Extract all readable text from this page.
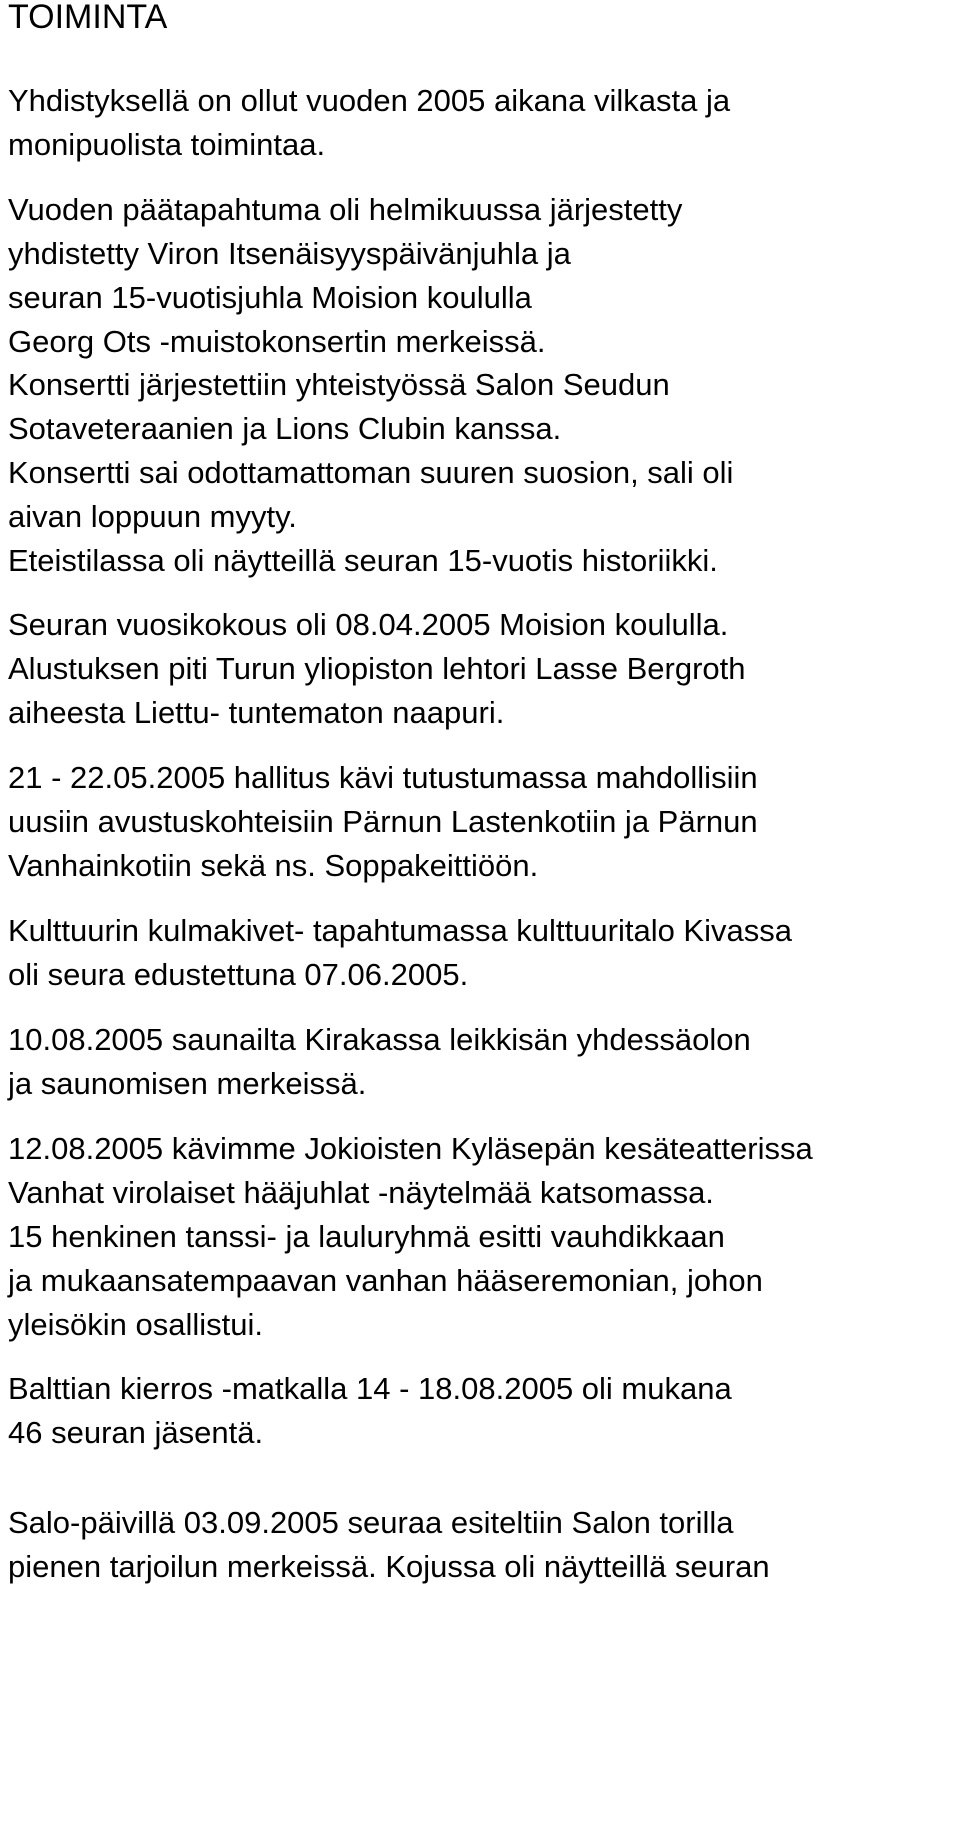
TOIMINTA
Yhdistyksellä on ollut vuoden 2005 aikana vilkasta ja
monipuolista toimintaa.
Vuoden päätapahtuma oli helmikuussa järjestetty
yhdistetty Viron Itsenäisyyspäivänjuhla ja
seuran 15-vuotisjuhla Moision koululla
Georg Ots -muistokonsertin merkeissä.
Konsertti järjestettiin yhteistyössä Salon Seudun
Sotaveteraanien ja Lions Clubin kanssa.
Konsertti sai odottamattoman suuren suosion, sali oli
aivan loppuun myyty.
Eteistilassa oli näytteillä seuran 15-vuotis historiikki.
Seuran vuosikokous oli 08.04.2005 Moision koululla.
Alustuksen piti Turun yliopiston lehtori Lasse Bergroth
aiheesta Liettu- tuntematon naapuri.
21 - 22.05.2005 hallitus kävi tutustumassa mahdollisiin
uusiin avustuskohteisiin Pärnun Lastenkotiin ja Pärnun
Vanhainkotiin sekä ns. Soppakeittiöön.
Kulttuurin kulmakivet- tapahtumassa kulttuuritalo Kivassa
oli seura edustettuna 07.06.2005.
10.08.2005 saunailta Kirakassa leikkisän yhdessäolon
ja saunomisen merkeissä.
12.08.2005 kävimme Jokioisten Kyläsepän kesäteatterissa
Vanhat virolaiset hääjuhlat -näytelmää katsomassa.
15 henkinen tanssi- ja lauluryhmä esitti vauhdikkaan
ja mukaansatempaavan vanhan hääseremonian, johon
yleisökin osallistui.
Balttian kierros -matkalla 14 - 18.08.2005 oli mukana
46 seuran jäsentä.
Salo-päivillä 03.09.2005 seuraa esiteltiin Salon torilla
pienen tarjoilun merkeissä. Kojussa oli näytteillä seuran
